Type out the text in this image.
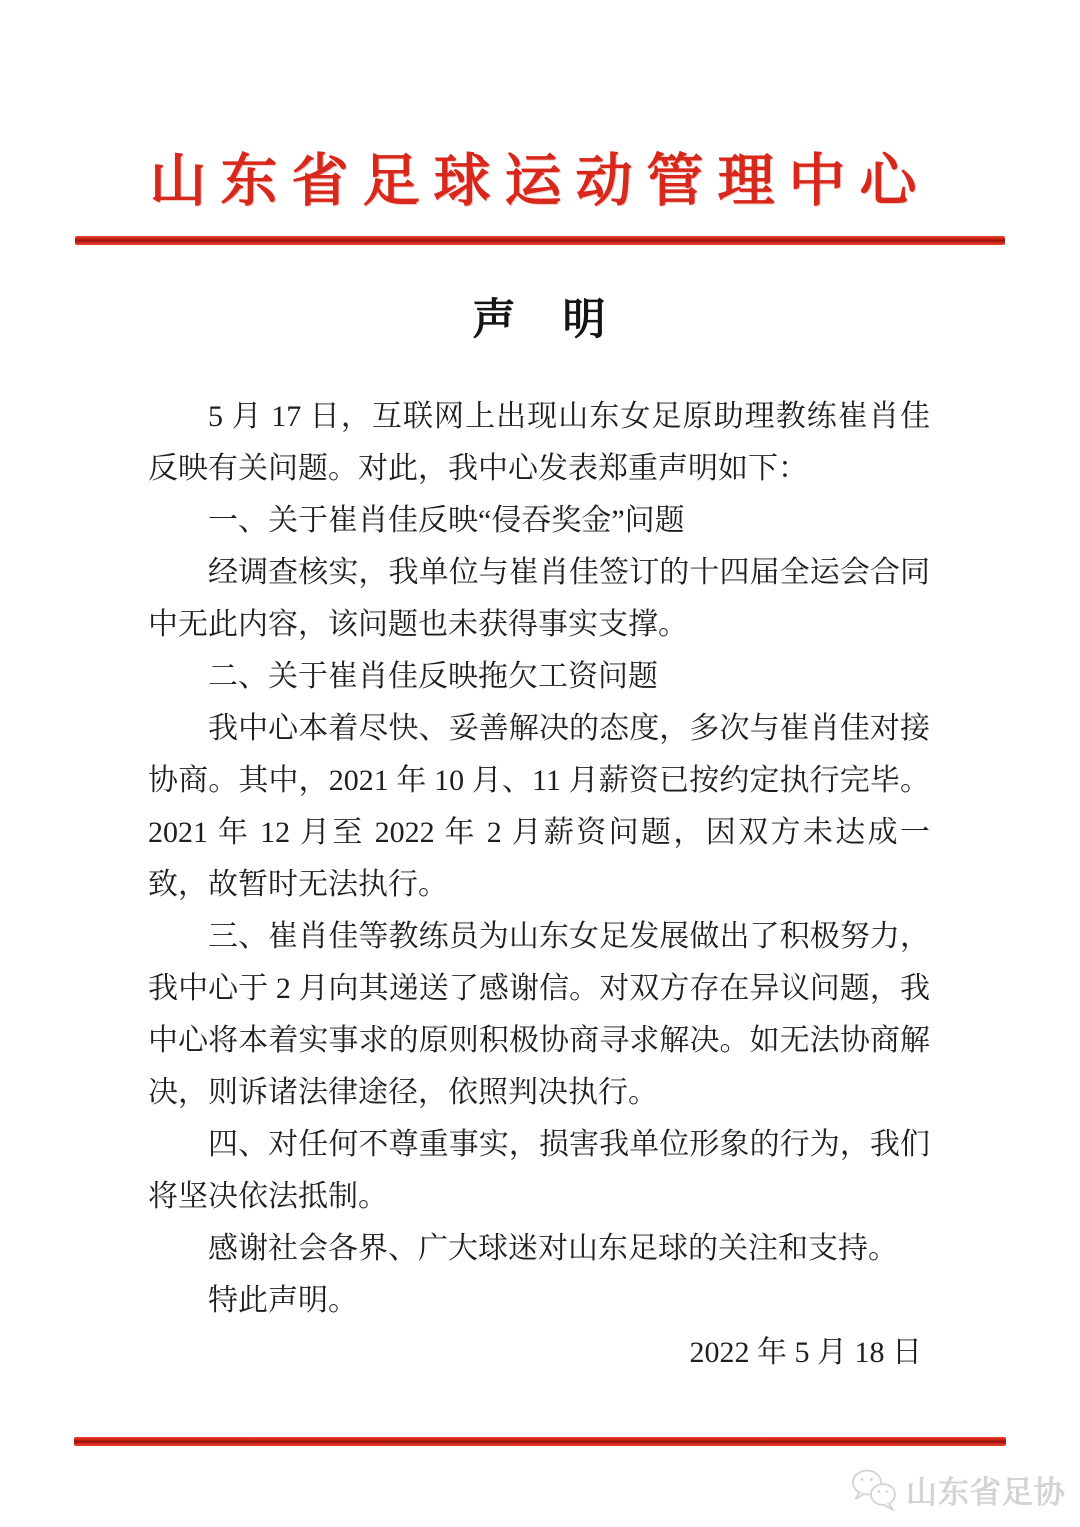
山东省足球运动管理中心
声　明

5 月 17 日，互联网上出现山东女足原助理教练崔肖佳反映有关问题。对此，我中心发表郑重声明如下：

一、关于崔肖佳反映“侵吞奖金”问题

经调查核实，我单位与崔肖佳签订的十四届全运会合同中无此内容，该问题也未获得事实支撑。

二、关于崔肖佳反映拖欠工资问题

我中心本着尽快、妥善解决的态度，多次与崔肖佳对接协商。其中，2021 年 10 月、11 月薪资已按约定执行完毕。2021 年 12 月至 2022 年 2 月薪资问题，因双方未达成一致，故暂时无法执行。

三、崔肖佳等教练员为山东女足发展做出了积极努力，我中心于 2 月向其递送了感谢信。对双方存在异议问题，我中心将本着实事求的原则积极协商寻求解决。如无法协商解决，则诉诸法律途径，依照判决执行。

四、对任何不尊重事实，损害我单位形象的行为，我们将坚决依法抵制。

感谢社会各界、广大球迷对山东足球的关注和支持。

特此声明。

2022 年 5 月 18 日

山东省足协
